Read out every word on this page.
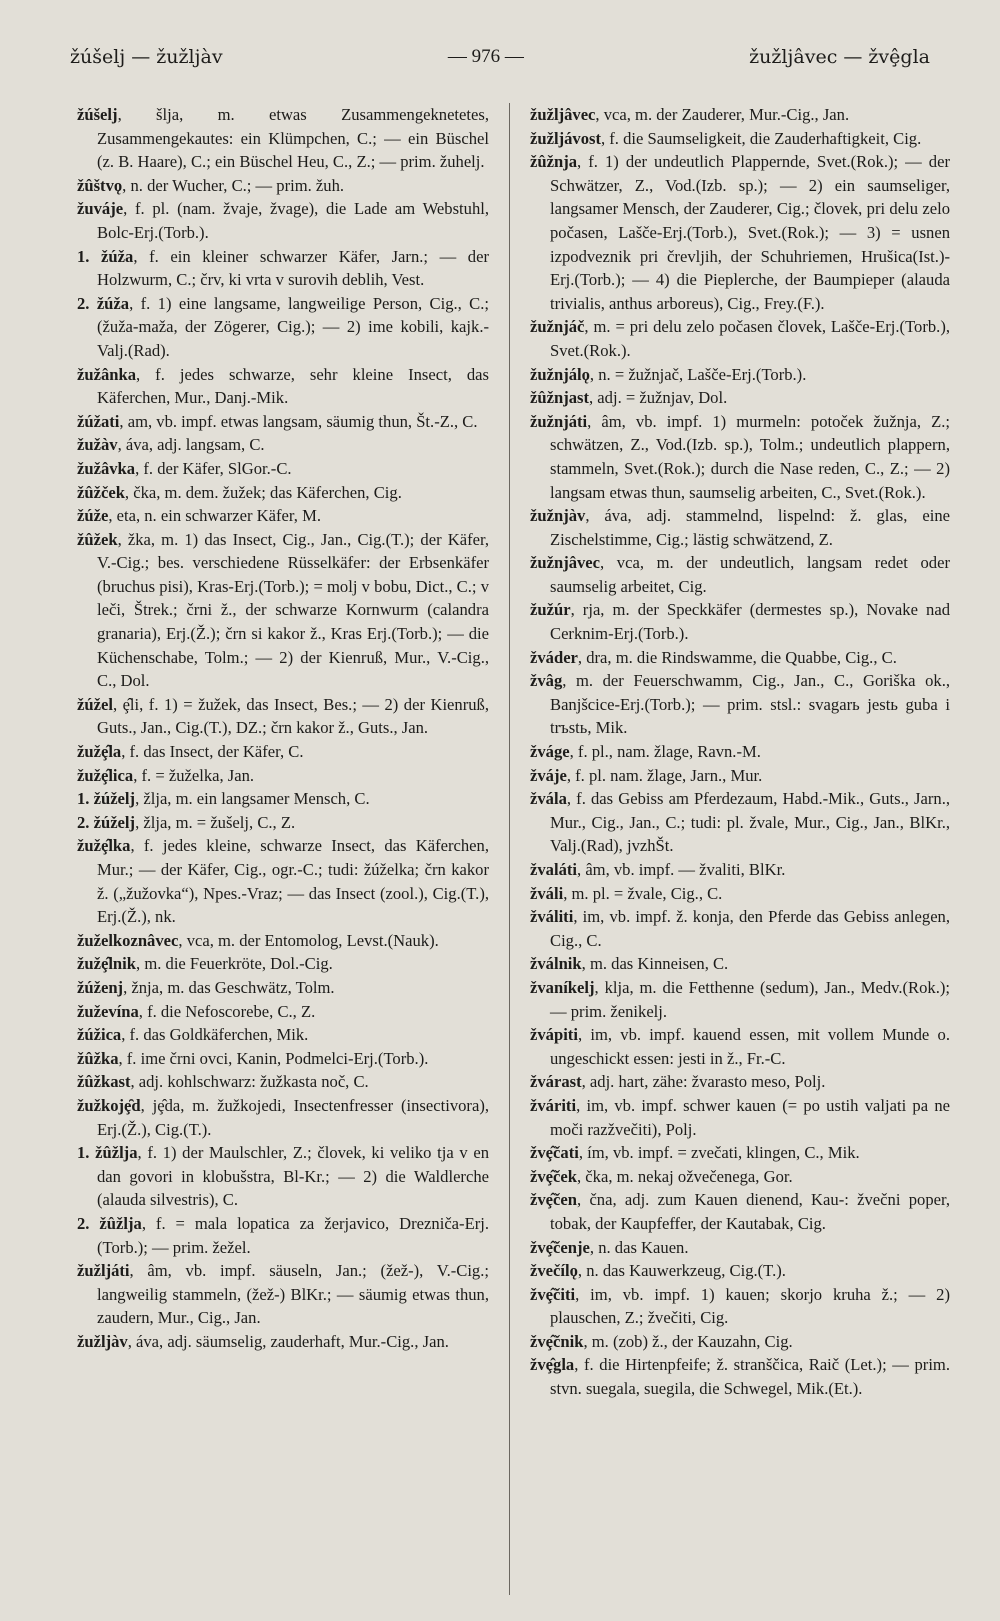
žúšelj — žužljàv	— 976 —	žužljâvec — žvȩ̂gla

žúšelj, šlja, m. etwas Zusammengeknetetes, Zusammengekautes: ein Klümpchen, C.; — ein Büschel (z. B. Haare), C.; ein Büschel Heu, C., Z.; — prim. žuhelj.

žûštvǫ, n. der Wucher, C.; — prim. žuh.

žuváje, f. pl. (nam. žvaje, žvage), die Lade am Webstuhl, Bolc-Erj.(Torb.).

1. žúža, f. ein kleiner schwarzer Käfer, Jarn.; — der Holzwurm, C.; črv, ki vrta v surovih deblih, Vest.

2. žúža, f. 1) eine langsame, langweilige Person, Cig., C.; (žuža-maža, der Zögerer, Cig.); — 2) ime kobili, kajk.-Valj.(Rad).

žužânka, f. jedes schwarze, sehr kleine Insect, das Käferchen, Mur., Danj.-Mik.

žúžati, am, vb. impf. etwas langsam, säumig thun, Št.-Z., C.

žužàv, áva, adj. langsam, C.

žužâvka, f. der Käfer, SlGor.-C.

žûžček, čka, m. dem. žužek; das Käferchen, Cig.

žúže, eta, n. ein schwarzer Käfer, M.

žûžek, žka, m. 1) das Insect, Cig., Jan., Cig.(T.); der Käfer, V.-Cig.; bes. verschiedene Rüsselkäfer: der Erbsenkäfer (bruchus pisi), Kras-Erj.(Torb.); = molj v bobu, Dict., C.; v leči, Štrek.; črni ž., der schwarze Kornwurm (calandra granaria), Erj.(Ž.); črn si kakor ž., Kras Erj.(Torb.); — die Küchenschabe, Tolm.; — 2) der Kienruß, Mur., V.-Cig., C., Dol.

žúžel, ȩ̂li, f. 1) = žužek, das Insect, Bes.; — 2) der Kienruß, Guts., Jan., Cig.(T.), DZ.; črn kakor ž., Guts., Jan.

žužȩ̂la, f. das Insect, der Käfer, C.

žužȩ̂lica, f. = žuželka, Jan.

1. žúželj, žlja, m. ein langsamer Mensch, C.

2. žúželj, žlja, m. = žušelj, C., Z.

žužȩ̂lka, f. jedes kleine, schwarze Insect, das Käferchen, Mur.; — der Käfer, Cig., ogr.-C.; tudi: žúželka; črn kakor ž. („žužovka“), Npes.-Vraz; — das Insect (zool.), Cig.(T.), Erj.(Ž.), nk.

žuželkoznâvec, vca, m. der Entomolog, Levst.(Nauk).

žužȩ̂lnik, m. die Feuerkröte, Dol.-Cig.

žúženj, žnja, m. das Geschwätz, Tolm.

žuževína, f. die Nefoscorebe, C., Z.

žúžica, f. das Goldkäferchen, Mik.

žûžka, f. ime črni ovci, Kanin, Podmelci-Erj.(Torb.).

žûžkast, adj. kohlschwarz: žužkasta noč, C.

žužkojȩ̑d, jȩ̂da, m. žužkojedi, Insectenfresser (insectivora), Erj.(Ž.), Cig.(T.).

1. žûžlja, f. 1) der Maulschler, Z.; človek, ki veliko tja v en dan govori in klobušstra, Bl-Kr.; — 2) die Waldlerche (alauda silvestris), C.

2. žûžlja, f. = mala lopatica za žerjavico, Drezniča-Erj.(Torb.); — prim. žežel.

žužljáti, âm, vb. impf. säuseln, Jan.; (žež-), V.-Cig.; langweilig stammeln, (žež-) BlKr.; — säumig etwas thun, zaudern, Mur., Cig., Jan.

žužljàv, áva, adj. säumselig, zauderhaft, Mur.-Cig., Jan.

žužljâvec, vca, m. der Zauderer, Mur.-Cig., Jan.

žužljávost, f. die Saumseligkeit, die Zauderhaftigkeit, Cig.

žûžnja, f. 1) der undeutlich Plappernde, Svet.(Rok.); — der Schwätzer, Z., Vod.(Izb. sp.); — 2) ein saumseliger, langsamer Mensch, der Zauderer, Cig.; človek, pri delu zelo počasen, Lašče-Erj.(Torb.), Svet.(Rok.); — 3) = usnen izpodveznik pri črevljih, der Schuhriemen, Hrušica(Ist.)-Erj.(Torb.); — 4) die Pieplerche, der Baumpieper (alauda trivialis, anthus arboreus), Cig., Frey.(F.).

žužnjáč, m. = pri delu zelo počasen človek, Lašče-Erj.(Torb.), Svet.(Rok.).

žužnjálǫ, n. = žužnjač, Lašče-Erj.(Torb.).

žûžnjast, adj. = žužnjav, Dol.

žužnjáti, âm, vb. impf. 1) murmeln: potoček žužnja, Z.; schwätzen, Z., Vod.(Izb. sp.), Tolm.; undeutlich plappern, stammeln, Svet.(Rok.); durch die Nase reden, C., Z.; — 2) langsam etwas thun, saumselig arbeiten, C., Svet.(Rok.).

žužnjàv, áva, adj. stammelnd, lispelnd: ž. glas, eine Zischelstimme, Cig.; lästig schwätzend, Z.

žužnjâvec, vca, m. der undeutlich, langsam redet oder saumselig arbeitet, Cig.

žužúr, rja, m. der Speckkäfer (dermestes sp.), Novake nad Cerknim-Erj.(Torb.).

žváder, dra, m. die Rindswamme, die Quabbe, Cig., C.

žvâg, m. der Feuerschwamm, Cig., Jan., C., Goriška ok., Banjšcice-Erj.(Torb.); — prim. stsl.: svagarь jestь guba i trъstь, Mik.

žváge, f. pl., nam. žlage, Ravn.-M.

žváje, f. pl. nam. žlage, Jarn., Mur.

žvála, f. das Gebiss am Pferdezaum, Habd.-Mik., Guts., Jarn., Mur., Cig., Jan., C.; tudi: pl. žvale, Mur., Cig., Jan., BlKr., Valj.(Rad), jvzhŠt.

žvaláti, âm, vb. impf. — žvaliti, BlKr.

žváli, m. pl. = žvale, Cig., C.

žváliti, im, vb. impf. ž. konja, den Pferde das Gebiss anlegen, Cig., C.

žválnik, m. das Kinneisen, C.

žvaníkelj, klja, m. die Fetthenne (sedum), Jan., Medv.(Rok.); — prim. ženikelj.

žvápiti, im, vb. impf. kauend essen, mit vollem Munde o. ungeschickt essen: jesti in ž., Fr.-C.

žvárast, adj. hart, zähe: žvarasto meso, Polj.

žváriti, im, vb. impf. schwer kauen (= po ustih valjati pa ne moči razžvečiti), Polj.

žvȩ̂čati, ím, vb. impf. = zvečati, klingen, C., Mik.

žvȩ̂ček, čka, m. nekaj ožvečenega, Gor.

žvȩ̂čen, čna, adj. zum Kauen dienend, Kau-: žvečni poper, tobak, der Kaupfeffer, der Kautabak, Cig.

žvȩ̂čenje, n. das Kauen.

žvečílǫ, n. das Kauwerkzeug, Cig.(T.).

žvȩ̂čiti, im, vb. impf. 1) kauen; skorjo kruha ž.; — 2) plauschen, Z.; žvečiti, Cig.

žvȩ̂čnik, m. (zob) ž., der Kauzahn, Cig.

žvȩ̂gla, f. die Hirtenpfeife; ž. stranščica, Raič (Let.); — prim. stvn. suegala, suegila, die Schwegel, Mik.(Et.).
